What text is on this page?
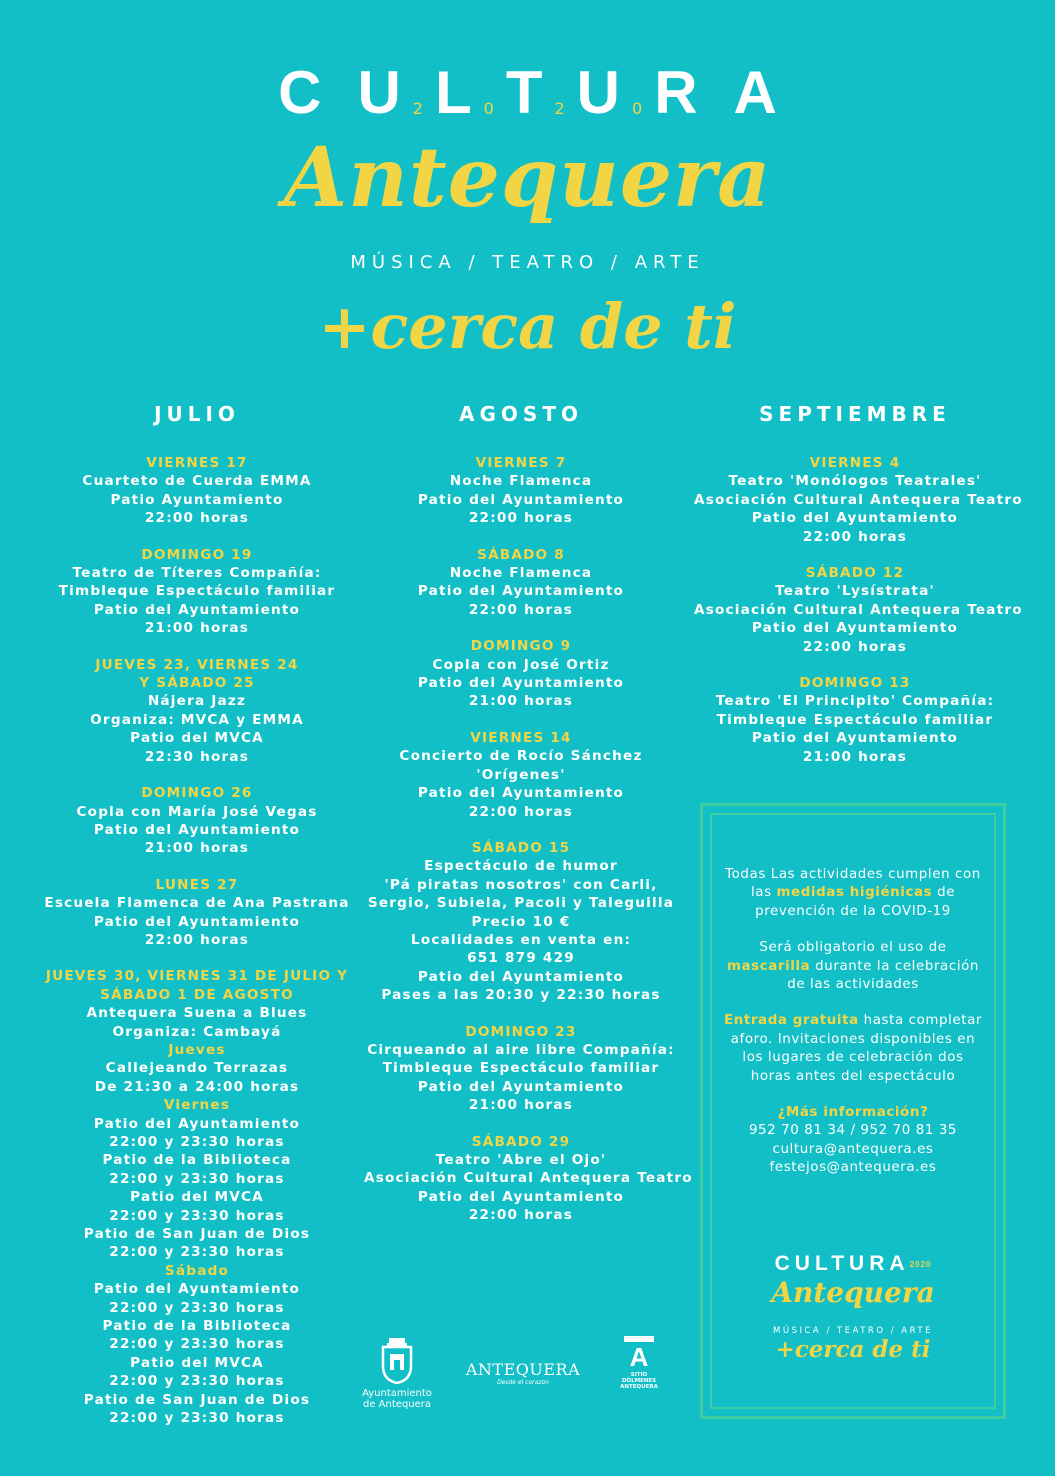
C U 2 L 0 T 2 U 0 R A
Antequera
MÚSICA / TEATRO / ARTE
+cerca de ti
JULIO
VIERNES 17
Cuarteto de Cuerda EMMA
Patio Ayuntamiento
22:00 horas
DOMINGO 19
Teatro de Títeres Compañía:
Timbleque Espectáculo familiar
Patio del Ayuntamiento
21:00 horas
JUEVES 23, VIERNES 24
Y SÁBADO 25
Nájera Jazz
Organiza: MVCA y EMMA
Patio del MVCA
22:30 horas
DOMINGO 26
Copla con María José Vegas
Patio del Ayuntamiento
21:00 horas
LUNES 27
Escuela Flamenca de Ana Pastrana
Patio del Ayuntamiento
22:00 horas
JUEVES 30, VIERNES 31 DE JULIO Y
SÁBADO 1 DE AGOSTO
Antequera Suena a Blues
Organiza: Cambayá
Jueves
Callejeando Terrazas
De 21:30 a 24:00 horas
Viernes
Patio del Ayuntamiento
22:00 y 23:30 horas
Patio de la Biblioteca
22:00 y 23:30 horas
Patio del MVCA
22:00 y 23:30 horas
Patio de San Juan de Dios
22:00 y 23:30 horas
Sábado
Patio del Ayuntamiento
22:00 y 23:30 horas
Patio de la Biblioteca
22:00 y 23:30 horas
Patio del MVCA
22:00 y 23:30 horas
Patio de San Juan de Dios
22:00 y 23:30 horas
AGOSTO
VIERNES 7
Noche Flamenca
Patio del Ayuntamiento
22:00 horas
SÁBADO 8
Noche Flamenca
Patio del Ayuntamiento
22:00 horas
DOMINGO 9
Copla con José Ortiz
Patio del Ayuntamiento
21:00 horas
VIERNES 14
Concierto de Rocío Sánchez
'Orígenes'
Patio del Ayuntamiento
22:00 horas
SÁBADO 15
Espectáculo de humor
'Pá piratas nosotros' con Carli,
Sergio, Subiela, Pacoli y Taleguilla
Precio 10 €
Localidades en venta en:
651 879 429
Patio del Ayuntamiento
Pases a las 20:30 y 22:30 horas
DOMINGO 23
Cirqueando al aire libre Compañía:
Timbleque Espectáculo familiar
Patio del Ayuntamiento
21:00 horas
SÁBADO 29
Teatro 'Abre el Ojo'
Asociación Cultural Antequera Teatro
Patio del Ayuntamiento
22:00 horas
SEPTIEMBRE
VIERNES 4
Teatro 'Monólogos Teatrales'
Asociación Cultural Antequera Teatro
Patio del Ayuntamiento
22:00 horas
SÁBADO 12
Teatro 'Lysístrata'
Asociación Cultural Antequera Teatro
Patio del Ayuntamiento
22:00 horas
DOMINGO 13
Teatro 'El Principito' Compañía:
Timbleque Espectáculo familiar
Patio del Ayuntamiento
21:00 horas

Todas Las actividades cumplen con las medidas higiénicas de prevención de la COVID-19

Será obligatorio el uso de mascarilla durante la celebración de las actividades

Entrada gratuita hasta completar aforo. Invitaciones disponibles en los lugares de celebración dos horas antes del espectáculo

¿Más información?
952 70 81 34 / 952 70 81 35
cultura@antequera.es
festejos@antequera.es
CULTURA2020
Antequera
MÚSICA / TEATRO / ARTE
+cerca de ti
Ayuntamiento
de Antequera
ANTEQUERA
Desde el corazón
A
SITIO DÓLMENES
ANTEQUERA
